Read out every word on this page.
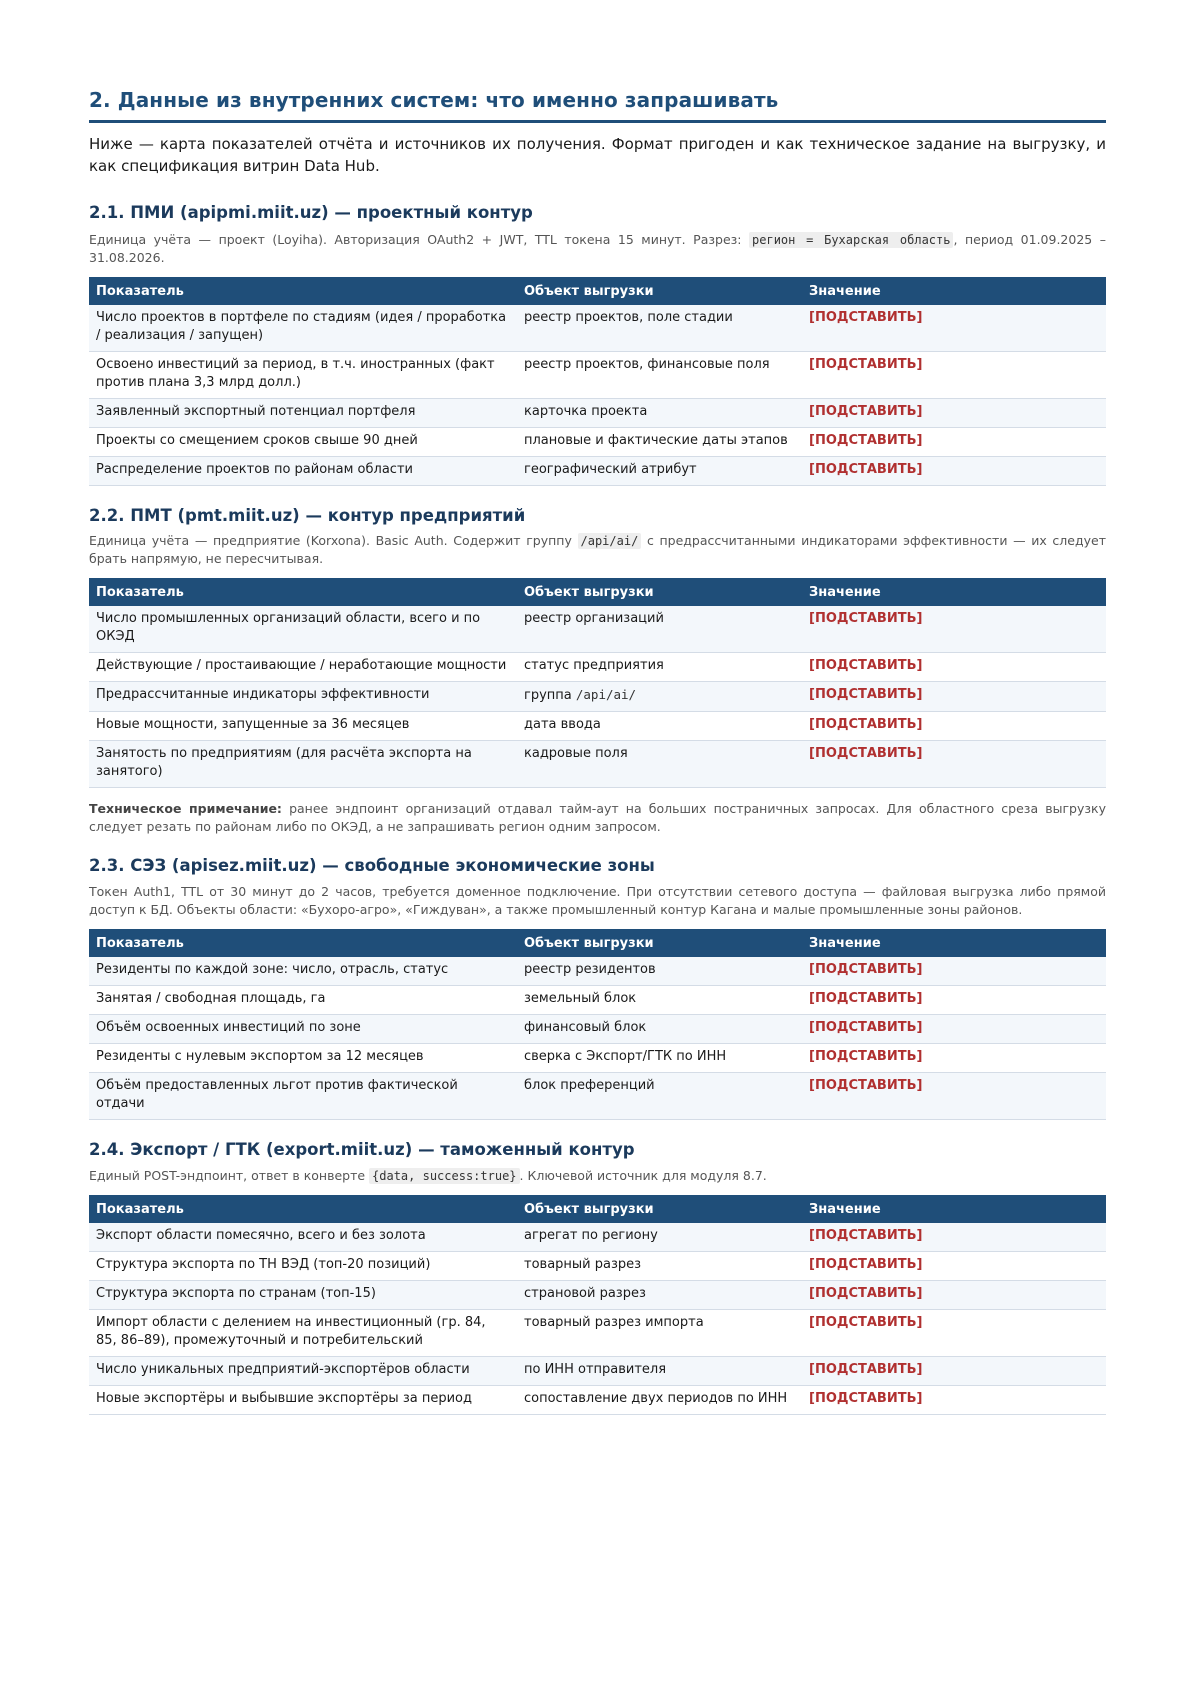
2. Данные из внутренних систем: что именно запрашивать

Ниже — карта показателей отчёта и источников их получения. Формат пригоден и как техническое задание на выгрузку, и как спецификация витрин Data Hub.

2.1. ПМИ (apipmi.miit.uz) — проектный контур

Единица учёта — проект (Loyiha). Авторизация OAuth2 + JWT, TTL токена 15 минут. Разрез: регион = Бухарская область , период 01.09.2025 – 31.08.2026.

Показатель	Объект выгрузки	Значение
Число проектов в портфеле по стадиям (идея / проработка / реализация / запущен)	реестр проектов, поле стадии	[ПОДСТАВИТЬ]
Освоено инвестиций за период, в т.ч. иностранных (факт против плана 3,3 млрд долл.)	реестр проектов, финансовые поля	[ПОДСТАВИТЬ]
Заявленный экспортный потенциал портфеля	карточка проекта	[ПОДСТАВИТЬ]
Проекты со смещением сроков свыше 90 дней	плановые и фактические даты этапов	[ПОДСТАВИТЬ]
Распределение проектов по районам области	географический атрибут	[ПОДСТАВИТЬ]
2.2. ПМТ (pmt.miit.uz) — контур предприятий

Единица учёта — предприятие (Korxona). Basic Auth. Содержит группу /api/ai/ с предрассчитанными индикаторами эффективности — их следует брать напрямую, не пересчитывая.

Показатель	Объект выгрузки	Значение
Число промышленных организаций области, всего и по ОКЭД	реестр организаций	[ПОДСТАВИТЬ]
Действующие / простаивающие / неработающие мощности	статус предприятия	[ПОДСТАВИТЬ]
Предрассчитанные индикаторы эффективности	группа /api/ai/	[ПОДСТАВИТЬ]
Новые мощности, запущенные за 36 месяцев	дата ввода	[ПОДСТАВИТЬ]
Занятость по предприятиям (для расчёта экспорта на занятого)	кадровые поля	[ПОДСТАВИТЬ]

Техническое примечание: ранее эндпоинт организаций отдавал тайм-аут на больших постраничных запросах. Для областного среза выгрузку следует резать по районам либо по ОКЭД, а не запрашивать регион одним запросом.

2.3. СЭЗ (apisez.miit.uz) — свободные экономические зоны

Токен Auth1, TTL от 30 минут до 2 часов, требуется доменное подключение. При отсутствии сетевого доступа — файловая выгрузка либо прямой доступ к БД. Объекты области: «Бухоро-агро», «Гиждуван», а также промышленный контур Кагана и малые промышленные зоны районов.

Показатель	Объект выгрузки	Значение
Резиденты по каждой зоне: число, отрасль, статус	реестр резидентов	[ПОДСТАВИТЬ]
Занятая / свободная площадь, га	земельный блок	[ПОДСТАВИТЬ]
Объём освоенных инвестиций по зоне	финансовый блок	[ПОДСТАВИТЬ]
Резиденты с нулевым экспортом за 12 месяцев	сверка с Экспорт/ГТК по ИНН	[ПОДСТАВИТЬ]
Объём предоставленных льгот против фактической отдачи	блок преференций	[ПОДСТАВИТЬ]
2.4. Экспорт / ГТК (export.miit.uz) — таможенный контур

Единый POST-эндпоинт, ответ в конверте {data, success:true} . Ключевой источник для модуля 8.7.

Показатель	Объект выгрузки	Значение
Экспорт области помесячно, всего и без золота	агрегат по региону	[ПОДСТАВИТЬ]
Структура экспорта по ТН ВЭД (топ-20 позиций)	товарный разрез	[ПОДСТАВИТЬ]
Структура экспорта по странам (топ-15)	страновой разрез	[ПОДСТАВИТЬ]
Импорт области с делением на инвестиционный (гр. 84, 85, 86–89), промежуточный и потребительский	товарный разрез импорта	[ПОДСТАВИТЬ]
Число уникальных предприятий-экспортёров области	по ИНН отправителя	[ПОДСТАВИТЬ]
Новые экспортёры и выбывшие экспортёры за период	сопоставление двух периодов по ИНН	[ПОДСТАВИТЬ]
